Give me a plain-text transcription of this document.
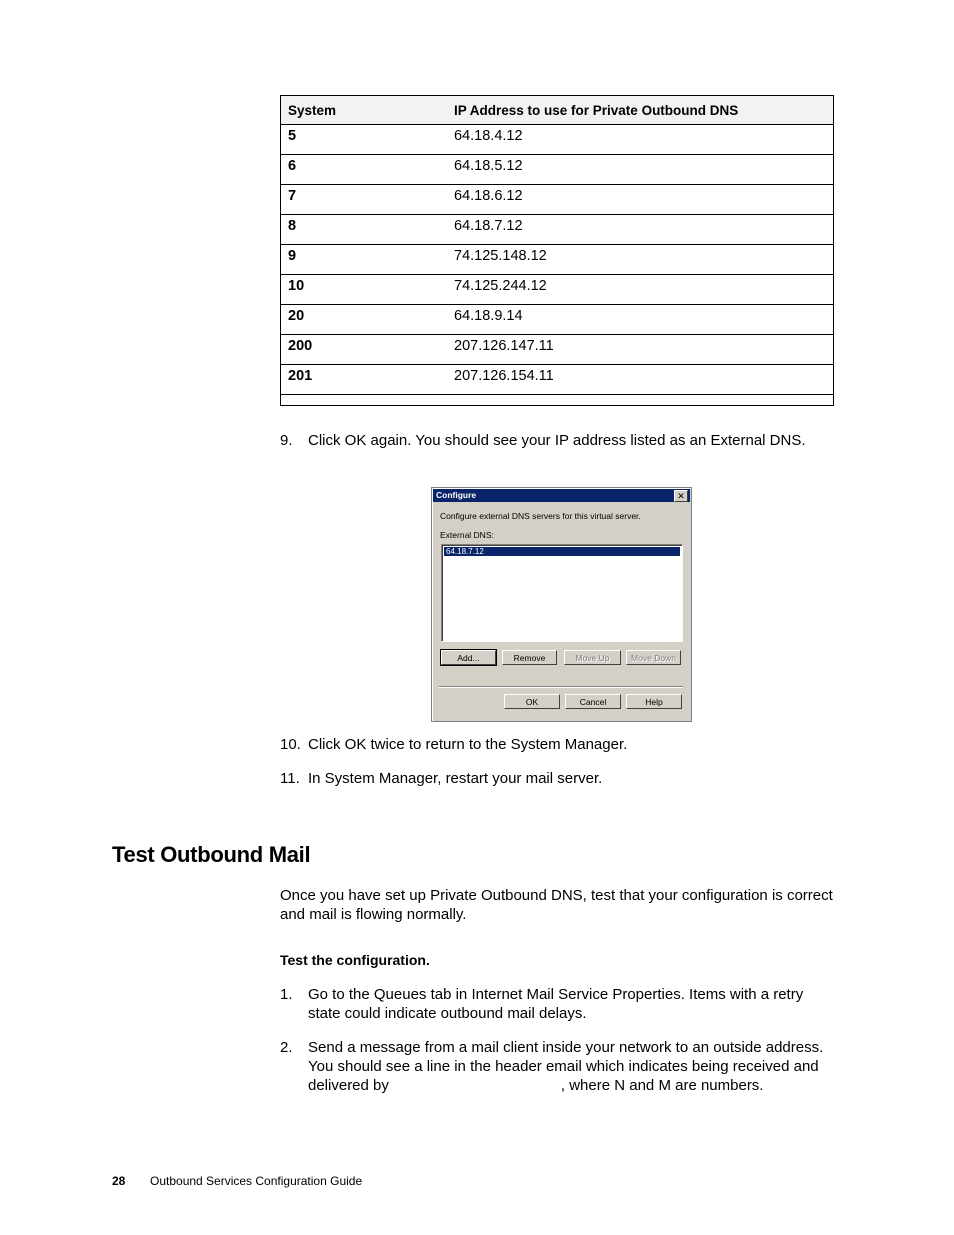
System	IP Address to use for Private Outbound DNS
5	64.18.4.12
6	64.18.5.12
7	64.18.6.12
8	64.18.7.12
9	74.125.148.12
10	74.125.244.12
20	64.18.9.14
200	207.126.147.11
201	207.126.154.11
9. Click OK again. You should see your IP address listed as an External DNS.
Configure	✕
Configure external DNS servers for this virtual server.
External DNS:
64.18.7.12
Add...	Remove	Move Up	Move Down
OK	Cancel	Help
10. Click OK twice to return to the System Manager.
11. In System Manager, restart your mail server.
Test Outbound Mail
Once you have set up Private Outbound DNS, test that your configuration is correct and mail is flowing normally.
Test the configuration.
1. Go to the Queues tab in Internet Mail Service Properties. Items with a retry state could indicate outbound mail delays.
2. Send a message from a mail client inside your network to an outside address. You should see a line in the header email which indicates being received and delivered by	, where N and M are numbers.
28 Outbound Services Configuration Guide
